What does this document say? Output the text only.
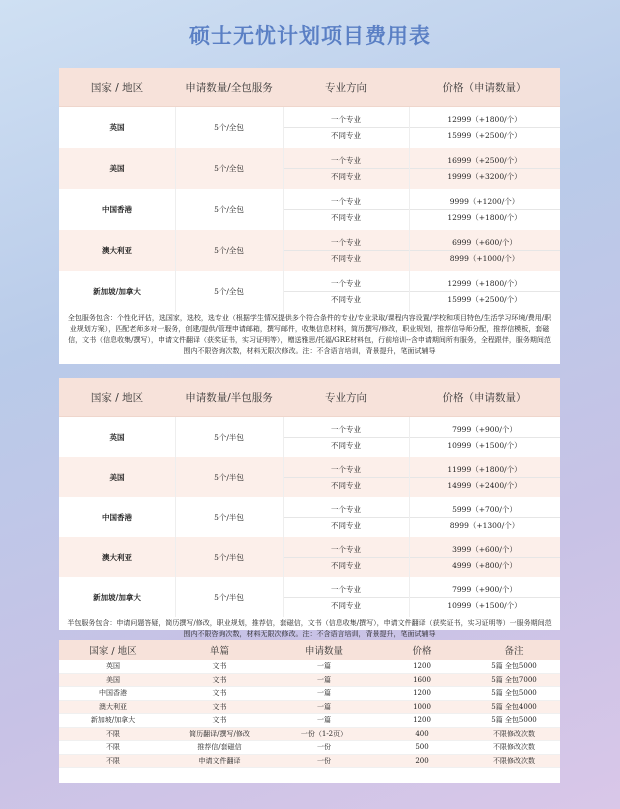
硕士无忧计划项目费用表
国家 / 地区	申请数量/全包服务	专业方向	价格（申请数量）
英国	5个/全包
一个专业	12999（+1800/个）
不同专业	15999（+2500/个）
美国	5个/全包
一个专业	16999（+2500/个）
不同专业	19999（+3200/个）
中国香港	5个/全包
一个专业	9999（+1200/个）
不同专业	12999（+1800/个）
澳大利亚	5个/全包
一个专业	6999（+600/个）
不同专业	8999（+1000/个）
新加坡/加拿大	5个/全包
一个专业	12999（+1800/个）
不同专业	15999（+2500/个）
全包服务包含：个性化评估，选国家，选校，选专业（根据学生情况提供多个符合条件的专业/专业录取/课程内容设置/学校和项目特色/生活学习环境/费用/职业规划方案），匹配老师多对一服务，创建/提供/管理申请邮箱，撰写邮件，收集信息材料，简历撰写/修改，职业规划，推荐信导师分配，推荐信模板，套磁信，文书（信息收集/撰写），申请文件翻译（获奖证书，实习证明等），赠送雅思/托福/GRE材料包，行前培训--含申请期间所有服务，全程跟伴，服务期间范围内不限咨询次数，材料无限次修改。注：不含语言培训，背景提升，笔面试辅导
国家 / 地区	申请数量/半包服务	专业方向	价格（申请数量）
英国	5个/半包
一个专业	7999（+900/个）
不同专业	10999（+1500/个）
美国	5个/半包
一个专业	11999（+1800/个）
不同专业	14999（+2400/个）
中国香港	5个/半包
一个专业	5999（+700/个）
不同专业	8999（+1300/个）
澳大利亚	5个/半包
一个专业	3999（+600/个）
不同专业	4999（+800/个）
新加坡/加拿大	5个/半包
一个专业	7999（+900/个）
不同专业	10999（+1500/个）
半包服务包含：申请问题答疑，简历撰写/修改，职业规划，推荐信，套磁信，文书（信息收集/撰写），申请文件翻译（获奖证书，实习证明等）一服务期间范围内不限咨询次数，材料无限次修改。注：不含语言培训，背景提升，笔面试辅导
国家 / 地区	单篇	申请数量	价格	备注
英国	文书	一篇	1200	5篇 全包5000
美国	文书	一篇	1600	5篇 全包7000
中国香港	文书	一篇	1200	5篇 全包5000
澳大利亚	文书	一篇	1000	5篇 全包4000
新加坡/加拿大	文书	一篇	1200	5篇 全包5000
不限	简历翻译/撰写/修改	一份（1-2页）	400	不限修改次数
不限	推荐信/套磁信	一份	500	不限修改次数
不限	申请文件翻译	一份	200	不限修改次数
